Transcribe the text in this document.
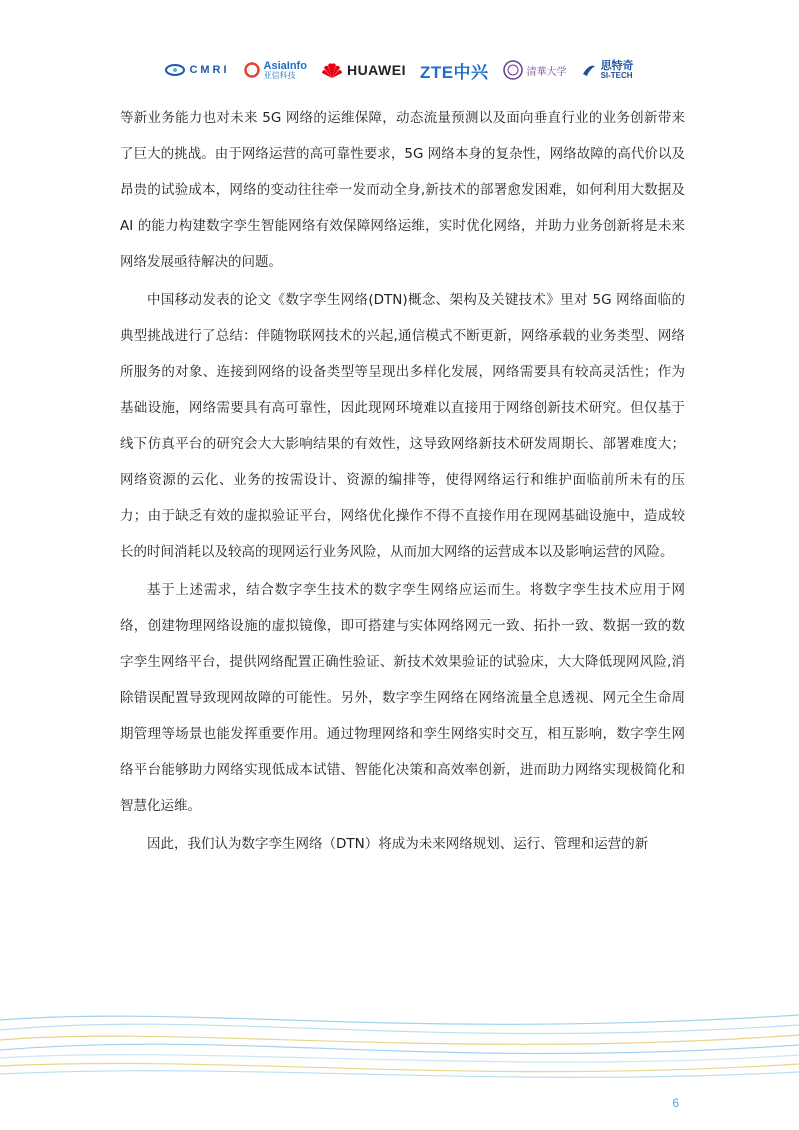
CMRI	AsiaInfo
亚信科技	HUAWEI ZTE中兴	清華大学
思特奇
SI-TECH

等新业务能力也对未来 5G 网络的运维保障，动态流量预测以及面向垂直行业的业务创新带来了巨大的挑战。由于网络运营的高可靠性要求，5G 网络本身的复杂性，网络故障的高代价以及昂贵的试验成本，网络的变动往往牵一发而动全身,新技术的部署愈发困难，如何利用大数据及 AI 的能力构建数字孪生智能网络有效保障网络运维，实时优化网络，并助力业务创新将是未来网络发展亟待解决的问题。

中国移动发表的论文《数字孪生网络(DTN)概念、架构及关键技术》里对 5G 网络面临的典型挑战进行了总结：伴随物联网技术的兴起,通信模式不断更新，网络承载的业务类型、网络所服务的对象、连接到网络的设备类型等呈现出多样化发展，网络需要具有较高灵活性；作为基础设施，网络需要具有高可靠性，因此现网环境难以直接用于网络创新技术研究。但仅基于线下仿真平台的研究会大大影响结果的有效性，这导致网络新技术研发周期长、部署难度大；网络资源的云化、业务的按需设计、资源的编排等，使得网络运行和维护面临前所未有的压力；由于缺乏有效的虚拟验证平台，网络优化操作不得不直接作用在现网基础设施中，造成较长的时间消耗以及较高的现网运行业务风险，从而加大网络的运营成本以及影响运营的风险。

基于上述需求，结合数字孪生技术的数字孪生网络应运而生。将数字孪生技术应用于网络，创建物理网络设施的虚拟镜像，即可搭建与实体网络网元一致、拓扑一致、数据一致的数字孪生网络平台，提供网络配置正确性验证、新技术效果验证的试验床，大大降低现网风险,消除错误配置导致现网故障的可能性。另外，数字孪生网络在网络流量全息透视、网元全生命周期管理等场景也能发挥重要作用。通过物理网络和孪生网络实时交互，相互影响，数字孪生网络平台能够助力网络实现低成本试错、智能化决策和高效率创新，进而助力网络实现极简化和智慧化运维。

因此，我们认为数字孪生网络（DTN）将成为未来网络规划、运行、管理和运营的新

6
